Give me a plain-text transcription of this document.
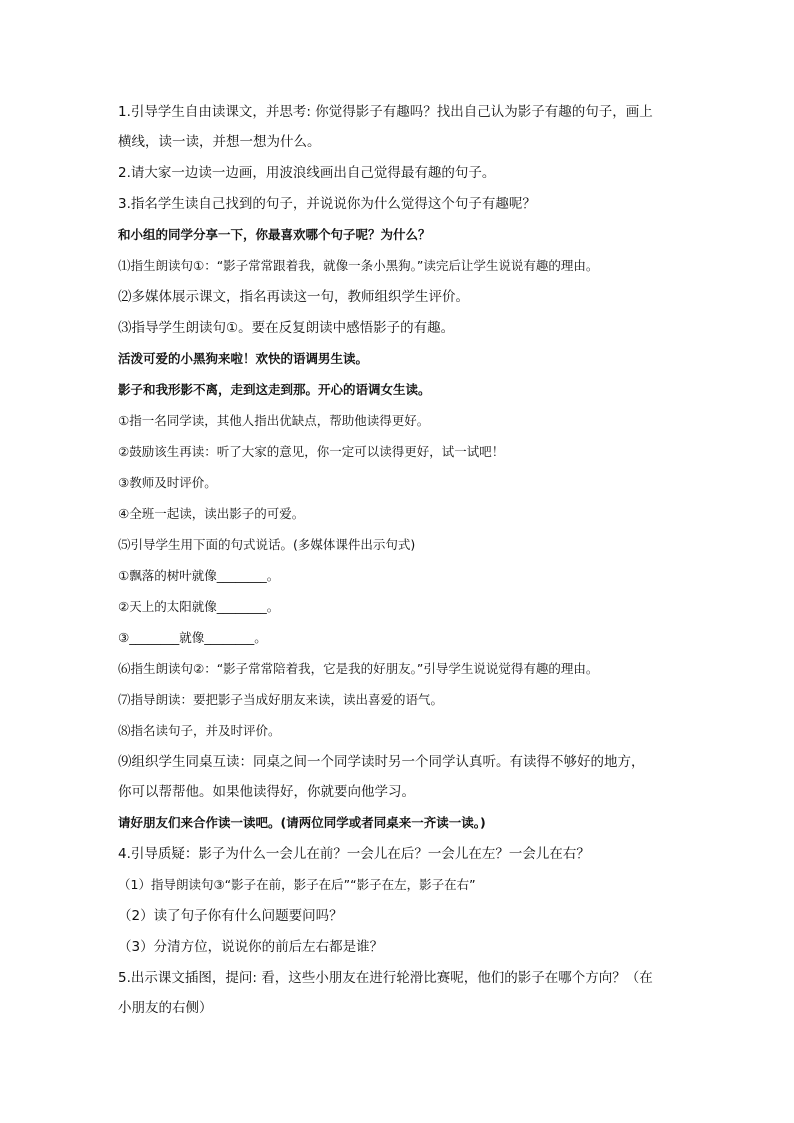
1.引导学生自由读课文，并思考: 你觉得影子有趣吗？找出自己认为影子有趣的句子，画上
横线，读一读，并想一想为什么。
2.请大家一边读一边画，用波浪线画出自己觉得最有趣的句子。
3.指名学生读自己找到的句子，并说说你为什么觉得这个句子有趣呢？
和小组的同学分享一下，你最喜欢哪个句子呢？为什么？
⑴指生朗读句①：“影子常常跟着我，就像一条小黑狗。”读完后让学生说说有趣的理由。
⑵多媒体展示课文，指名再读这一句，教师组织学生评价。
⑶指导学生朗读句①。要在反复朗读中感悟影子的有趣。
活泼可爱的小黑狗来啦！欢快的语调男生读。
影子和我形影不离，走到这走到那。开心的语调女生读。
①指一名同学读，其他人指出优缺点，帮助他读得更好。
②鼓励该生再读：听了大家的意见，你一定可以读得更好，试一试吧！
③教师及时评价。
④全班一起读，读出影子的可爱。
⑸引导学生用下面的句式说话。(多媒体课件出示句式)
①飘落的树叶就像________。
②天上的太阳就像________。
③________就像________。
⑹指生朗读句②：“影子常常陪着我，它是我的好朋友。”引导学生说说觉得有趣的理由。
⑺指导朗读：要把影子当成好朋友来读，读出喜爱的语气。
⑻指名读句子，并及时评价。
⑼组织学生同桌互读：同桌之间一个同学读时另一个同学认真听。有读得不够好的地方，
你可以帮帮他。如果他读得好，你就要向他学习。
请好朋友们来合作读一读吧。(请两位同学或者同桌来一齐读一读。)
4.引导质疑：影子为什么一会儿在前？一会儿在后？一会儿在左？一会儿在右？
（1）指导朗读句③“影子在前，影子在后”“影子在左，影子在右”
（2）读了句子你有什么问题要问吗？
（3）分清方位，说说你的前后左右都是谁？
5.出示课文插图，提问: 看，这些小朋友在进行轮滑比赛呢，他们的影子在哪个方向？（在
小朋友的右侧）
